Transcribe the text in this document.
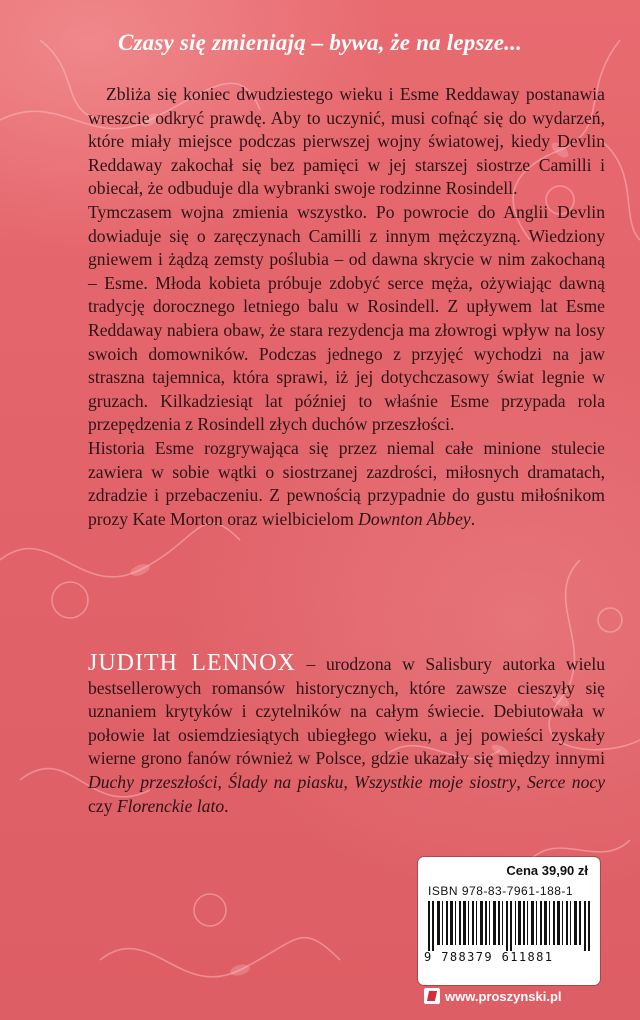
Czasy się zmieniają – bywa, że na lepsze...

Zbliża się koniec dwudziestego wieku i Esme Reddaway postanawia wreszcie odkryć prawdę. Aby to uczynić, musi cofnąć się do wydarzeń, które miały miejsce podczas pierwszej wojny światowej, kiedy Devlin Reddaway zakochał się bez pamięci w jej starszej siostrze Camilli i obiecał, że odbuduje dla wybranki swoje rodzinne Rosindell.

Tymczasem wojna zmienia wszystko. Po powrocie do Anglii Devlin dowiaduje się o zaręczynach Camilli z innym mężczyzną. Wiedziony gniewem i żądzą zemsty poślubia – od dawna skrycie w nim zakochaną – Esme. Młoda kobieta próbuje zdobyć serce męża, ożywiając dawną tradycję dorocznego letniego balu w Rosindell. Z upływem lat Esme Reddaway nabiera obaw, że stara rezydencja ma złowrogi wpływ na losy swoich domowników. Podczas jednego z przyjęć wychodzi na jaw straszna tajemnica, która sprawi, iż jej dotychczasowy świat legnie w gruzach. Kilkadziesiąt lat później to właśnie Esme przypada rola przepędzenia z Rosindell złych duchów przeszłości.

Historia Esme rozgrywająca się przez niemal całe minione stulecie zawiera w sobie wątki o siostrzanej zazdrości, miłosnych dramatach, zdradzie i przebaczeniu. Z pewnością przypadnie do gustu miłośnikom prozy Kate Morton oraz wielbicielom Downton Abbey.

JUDITH LENNOX – urodzona w Salisbury autorka wielu bestsellerowych romansów historycznych, które zawsze cieszyły się uznaniem krytyków i czytelników na całym świecie. Debiutowała w połowie lat osiemdziesiątych ubiegłego wieku, a jej powieści zyskały wierne grono fanów również w Polsce, gdzie ukazały się między innymi Duchy przeszłości, Ślady na piasku, Wszystkie moje siostry, Serce nocy czy Florenckie lato.
Cena 39,90 zł
ISBN 978-83-7961-188-1
9 788379 611881
www.proszynski.pl
